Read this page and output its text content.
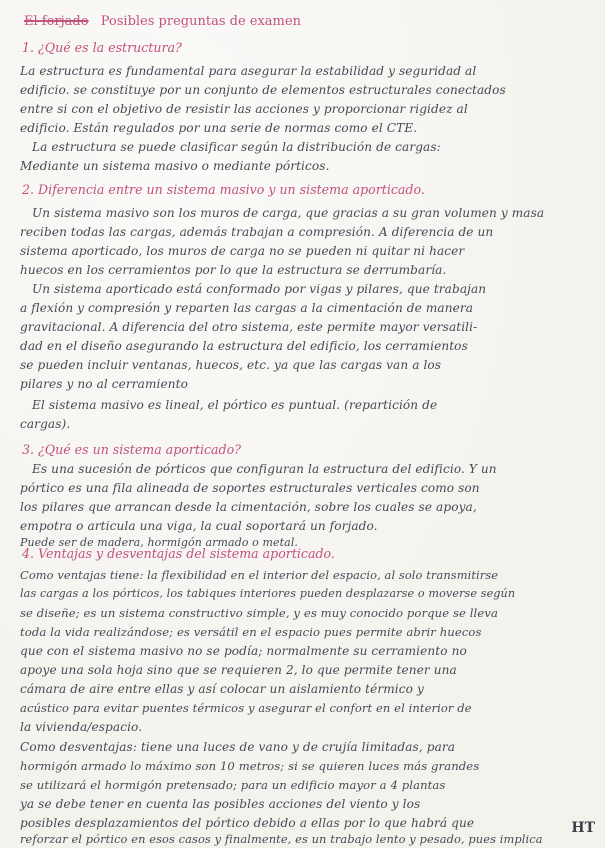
El forjado Posibles preguntas de examen
1. ¿Qué es la estructura?
La estructura es fundamental para asegurar la estabilidad y seguridad al
edificio. se constituye por un conjunto de elementos estructurales conectados
entre si con el objetivo de resistir las acciones y proporcionar rigidez al
edificio. Están regulados por una serie de normas como el CTE.
La estructura se puede clasificar según la distribución de cargas:
Mediante un sistema masivo o mediante pórticos.
2. Diferencia entre un sistema masivo y un sistema aporticado.
Un sistema masivo son los muros de carga, que gracias a su gran volumen y masa
reciben todas las cargas, además trabajan a compresión. A diferencia de un
sistema aporticado, los muros de carga no se pueden ni quitar ni hacer
huecos en los cerramientos por lo que la estructura se derrumbaría.
Un sistema aporticado está conformado por vigas y pilares, que trabajan
a flexión y compresión y reparten las cargas a la cimentación de manera
gravitacional. A diferencia del otro sistema, este permite mayor versatili-
dad en el diseño asegurando la estructura del edificio, los cerramientos
se pueden incluir ventanas, huecos, etc. ya que las cargas van a los
pilares y no al cerramiento
El sistema masivo es lineal, el pórtico es puntual. (repartición de
cargas).
3. ¿Qué es un sistema aporticado?
Es una sucesión de pórticos que configuran la estructura del edificio. Y un
pórtico es una fila alineada de soportes estructurales verticales como son
los pilares que arrancan desde la cimentación, sobre los cuales se apoya,
empotra o articula una viga, la cual soportará un forjado.
Puede ser de madera, hormigón armado o metal.
4. Ventajas y desventajas del sistema aporticado.
Como ventajas tiene: la flexibilidad en el interior del espacio, al solo transmitirse
las cargas a los pórticos, los tabiques interiores pueden desplazarse o moverse según
se diseñe; es un sistema constructivo simple, y es muy conocido porque se lleva
toda la vida realizándose; es versátil en el espacio pues permite abrir huecos
que con el sistema masivo no se podía; normalmente su cerramiento no
apoye una sola hoja sino que se requieren 2, lo que permite tener una
cámara de aire entre ellas y así colocar un aislamiento térmico y
acústico para evitar puentes térmicos y asegurar el confort en el interior de
la vivienda/espacio.
Como desventajas: tiene una luces de vano y de crujía limitadas, para
hormigón armado lo máximo son 10 metros; si se quieren luces más grandes
se utilizará el hormigón pretensado; para un edificio mayor a 4 plantas
ya se debe tener en cuenta las posibles acciones del viento y los
posibles desplazamientos del pórtico debido a ellas por lo que habrá que
reforzar el pórtico en esos casos y finalmente, es un trabajo lento y pesado, pues implica
HT
